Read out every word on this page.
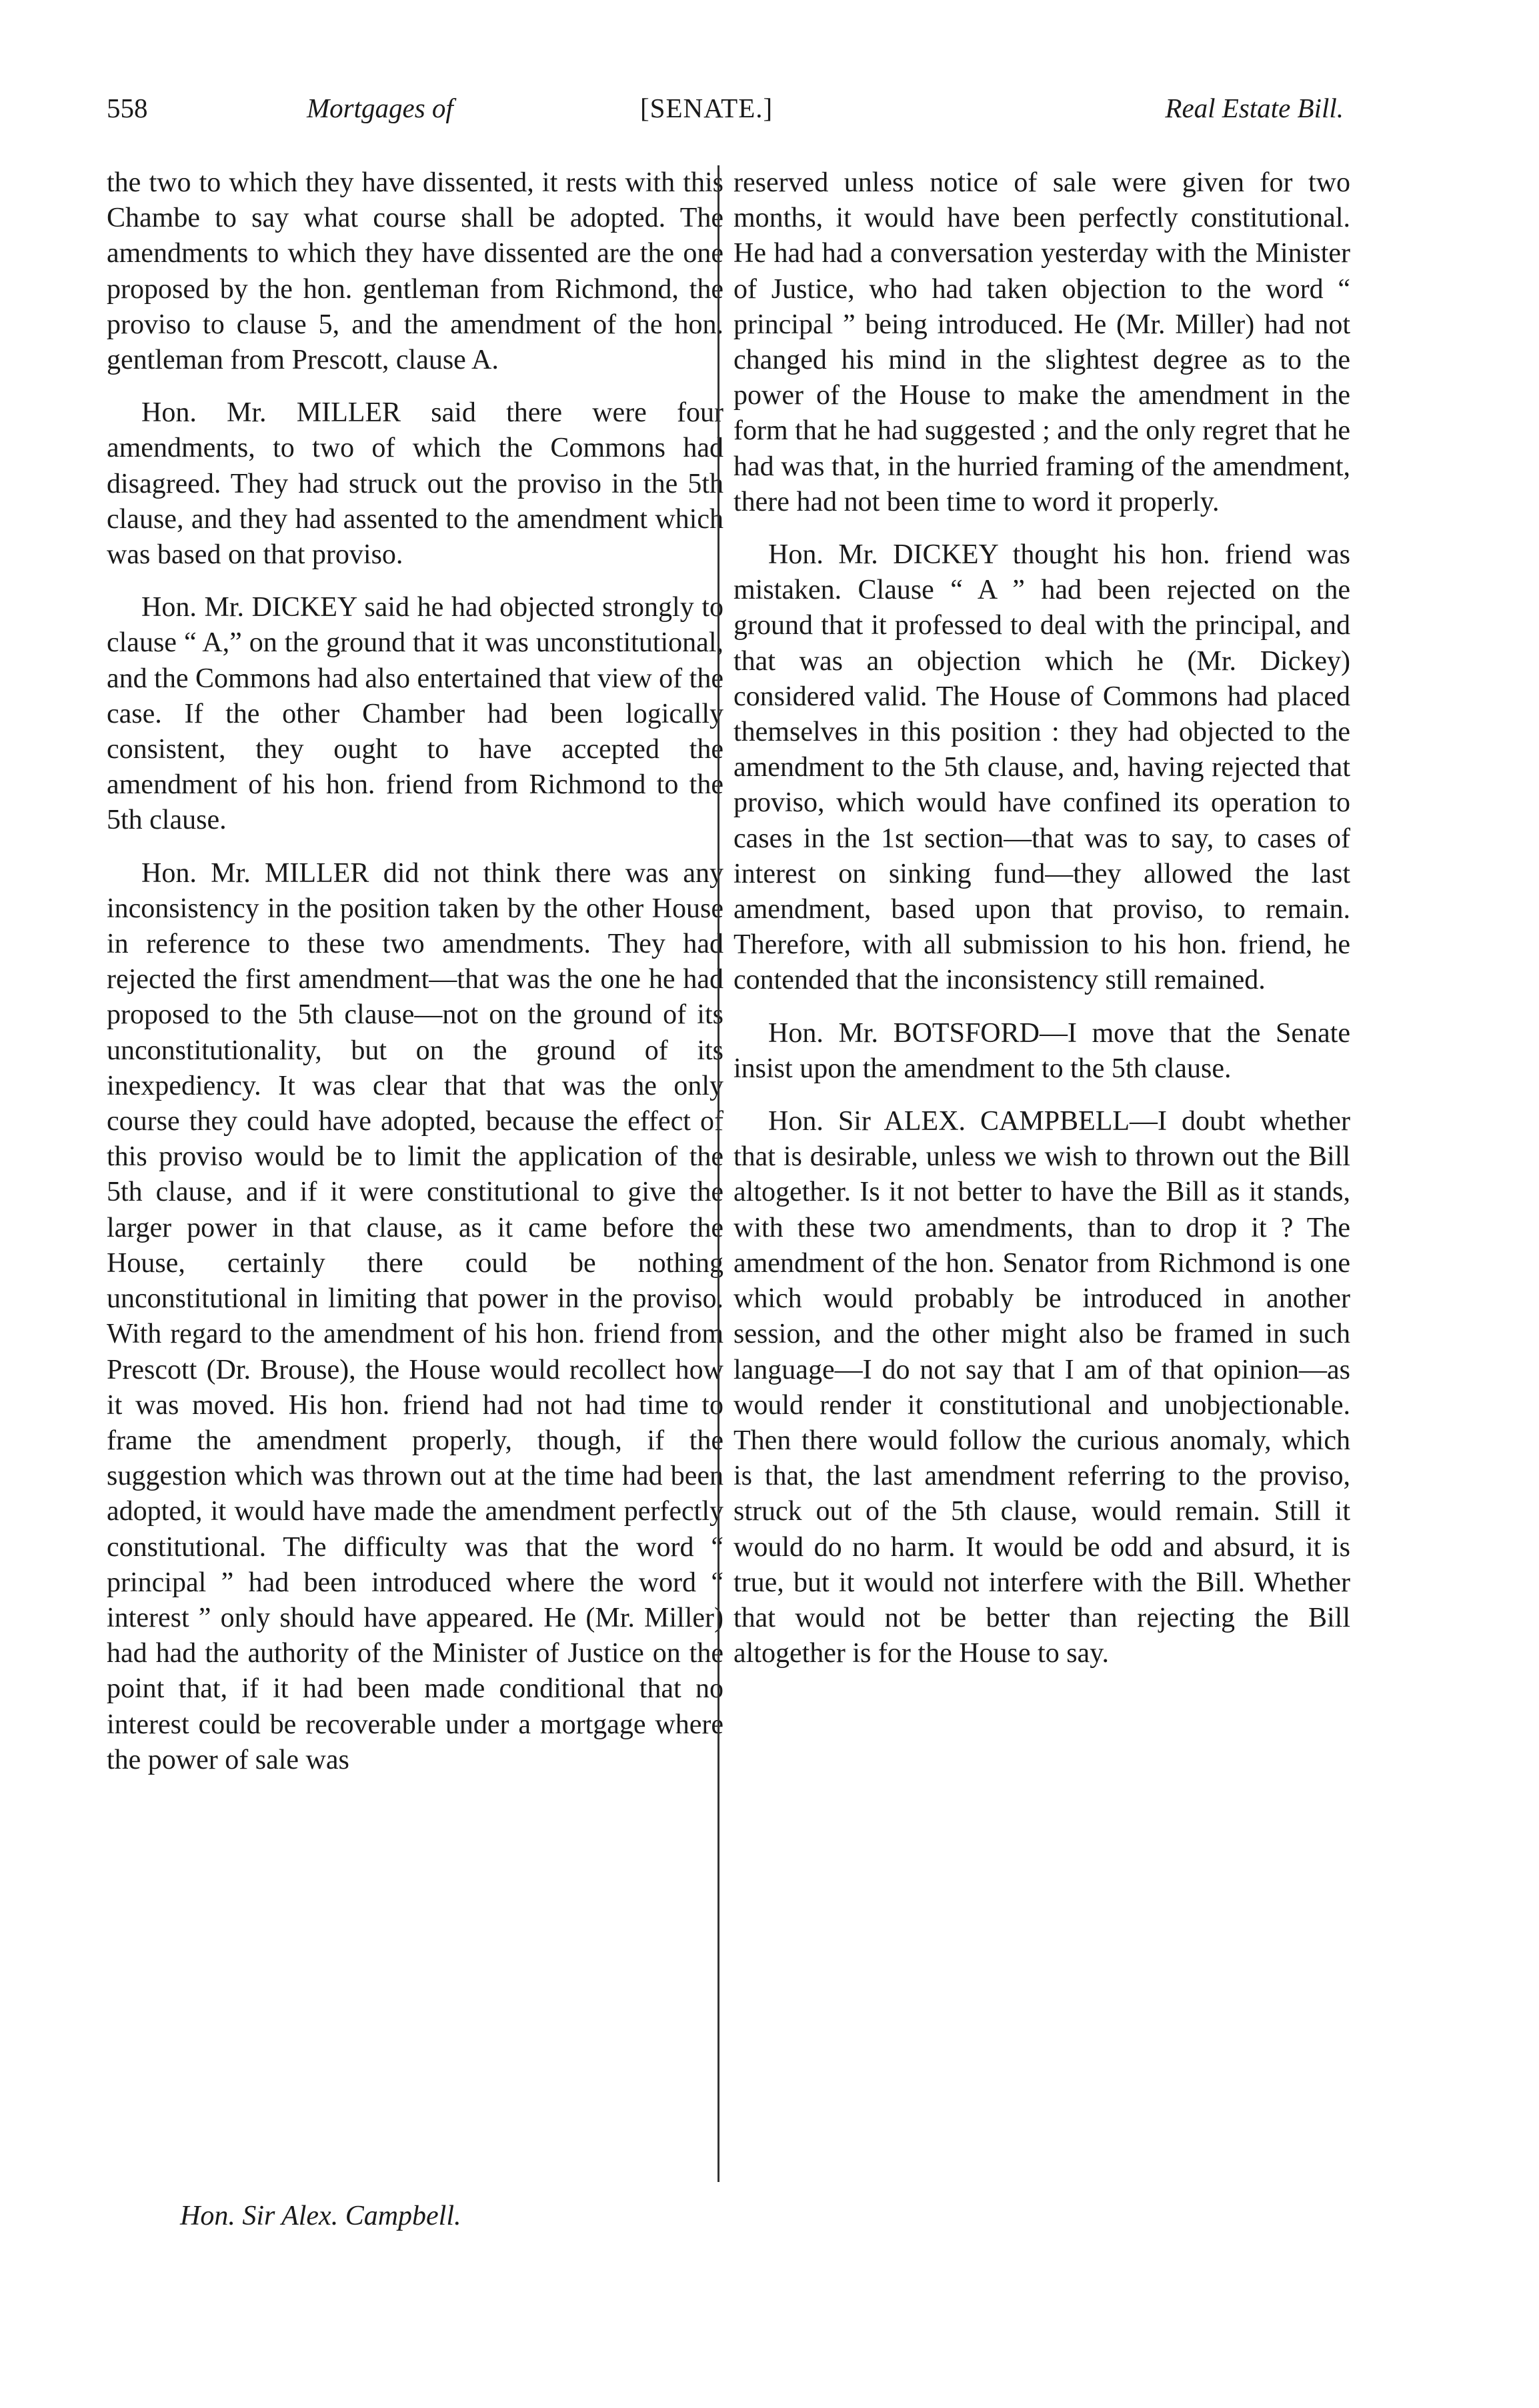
558	Mortgages of	[SENATE.]	Real Estate Bill.

the two to which they have dissented, it rests with this Chambe to say what course shall be adopted. The amendments to which they have dissented are the one proposed by the hon. gentleman from Richmond, the proviso to clause 5, and the amendment of the hon. gentleman from Prescott, clause A.

Hon. Mr. MILLER said there were four amendments, to two of which the Commons had disagreed. They had struck out the proviso in the 5th clause, and they had assented to the amendment which was based on that proviso.

Hon. Mr. DICKEY said he had objected strongly to clause “ A,” on the ground that it was unconstitutional, and the Commons had also entertained that view of the case. If the other Chamber had been logically consistent, they ought to have accepted the amendment of his hon. friend from Richmond to the 5th clause.

Hon. Mr. MILLER did not think there was any inconsistency in the position taken by the other House in reference to these two amendments. They had rejected the first amendment—that was the one he had proposed to the 5th clause—not on the ground of its unconstitutionality, but on the ground of its inexpediency. It was clear that that was the only course they could have adopted, because the effect of this proviso would be to limit the application of the 5th clause, and if it were constitutional to give the larger power in that clause, as it came before the House, certainly there could be nothing unconstitutional in limiting that power in the proviso. With regard to the amendment of his hon. friend from Prescott (Dr. Brouse), the House would recollect how it was moved. His hon. friend had not had time to frame the amendment properly, though, if the suggestion which was thrown out at the time had been adopted, it would have made the amendment perfectly constitutional. The difficulty was that the word “ principal ” had been introduced where the word “ interest ” only should have appeared. He (Mr. Miller) had had the authority of the Minister of Justice on the point that, if it had been made conditional that no interest could be recoverable under a mortgage where the power of sale was

reserved unless notice of sale were given for two months, it would have been perfectly constitutional. He had had a conversation yesterday with the Minister of Justice, who had taken objection to the word “ principal ” being introduced. He (Mr. Miller) had not changed his mind in the slightest degree as to the power of the House to make the amendment in the form that he had suggested ; and the only regret that he had was that, in the hurried framing of the amendment, there had not been time to word it properly.

Hon. Mr. DICKEY thought his hon. friend was mistaken. Clause “ A ” had been rejected on the ground that it professed to deal with the principal, and that was an objection which he (Mr. Dickey) considered valid. The House of Commons had placed themselves in this position : they had objected to the amendment to the 5th clause, and, having rejected that proviso, which would have confined its operation to cases in the 1st section—that was to say, to cases of interest on sinking fund—they allowed the last amendment, based upon that proviso, to remain. Therefore, with all submission to his hon. friend, he contended that the inconsistency still remained.

Hon. Mr. BOTSFORD—I move that the Senate insist upon the amendment to the 5th clause.

Hon. Sir ALEX. CAMPBELL—I doubt whether that is desirable, unless we wish to thrown out the Bill altogether. Is it not better to have the Bill as it stands, with these two amendments, than to drop it ? The amendment of the hon. Senator from Richmond is one which would probably be introduced in another session, and the other might also be framed in such language—I do not say that I am of that opinion—as would render it constitutional and unobjectionable. Then there would follow the curious anomaly, which is that, the last amendment referring to the proviso, struck out of the 5th clause, would remain. Still it would do no harm. It would be odd and absurd, it is true, but it would not interfere with the Bill. Whether that would not be better than rejecting the Bill altogether is for the House to say.

Hon. Sir Alex. Campbell.
